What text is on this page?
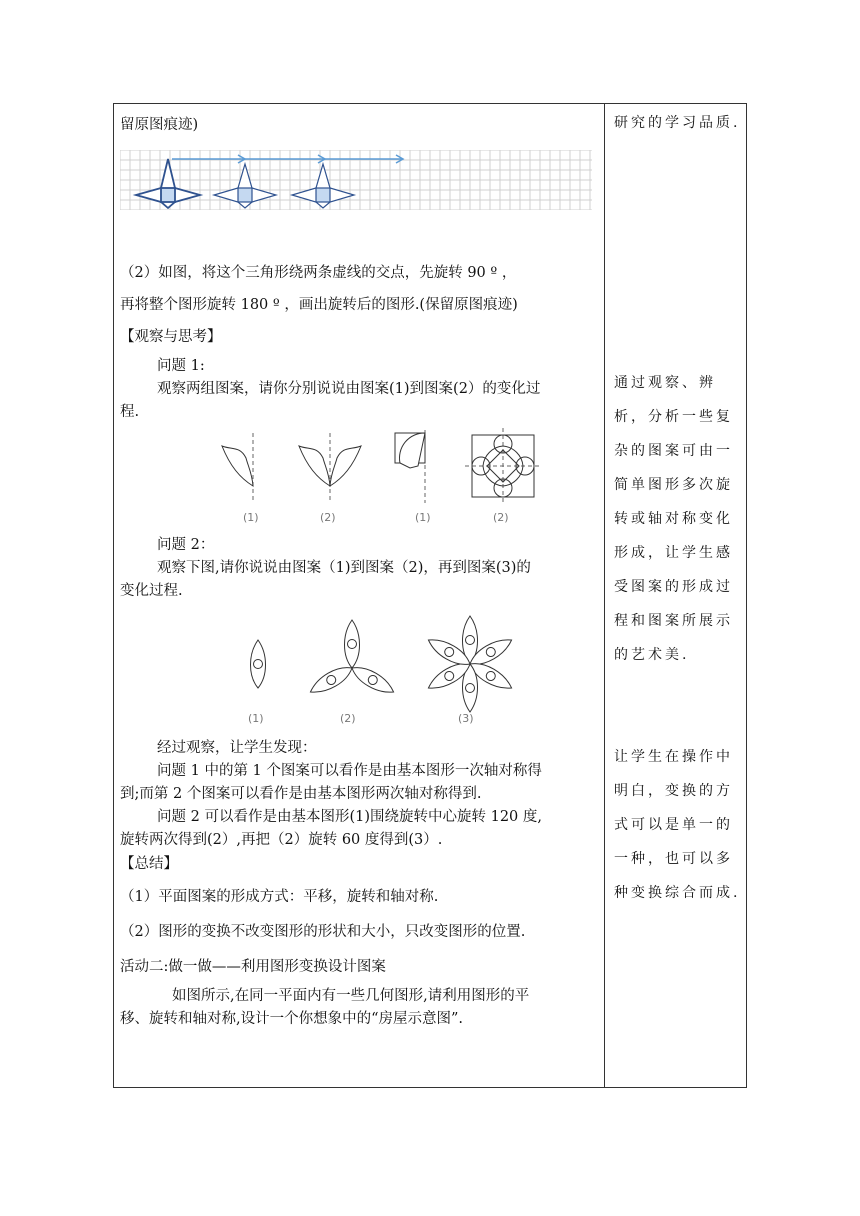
留原图痕迹)
（2）如图，将这个三角形绕两条虚线的交点，先旋转 90 º ，
再将整个图形旋转 180 º ，画出旋转后的图形.(保留原图痕迹)
【观察与思考】
问题 1:
观察两组图案，请你分别说说由图案(1)到图案(2）的变化过
程.
(1)	(2)	(1)	(2)
问题 2：
观察下图,请你说说由图案（1)到图案（2)，再到图案(3)的
变化过程.
(1)	(2)	(3)
经过观察，让学生发现：
问题 1 中的第 1 个图案可以看作是由基本图形一次轴对称得
到;而第 2 个图案可以看作是由基本图形两次轴对称得到.
问题 2 可以看作是由基本图形(1)围绕旋转中心旋转 120 度,
旋转两次得到(2）,再把（2）旋转 60 度得到(3）.
【总结】
（1）平面图案的形成方式：平移，旋转和轴对称.
（2）图形的变换不改变图形的形状和大小，只改变图形的位置.
活动二:做一做——利用图形变换设计图案
如图所示,在同一平面内有一些几何图形,请利用图形的平
移、旋转和轴对称,设计一个你想象中的“房屋示意图”.
研究的学习品质.
通过观察、辨析，分析一些复杂的图案可由一简单图形多次旋转或轴对称变化形成，让学生感受图案的形成过程和图案所展示的艺术美.
让学生在操作中明白，变换的方式可以是单一的一种，也可以多种变换综合而成.
